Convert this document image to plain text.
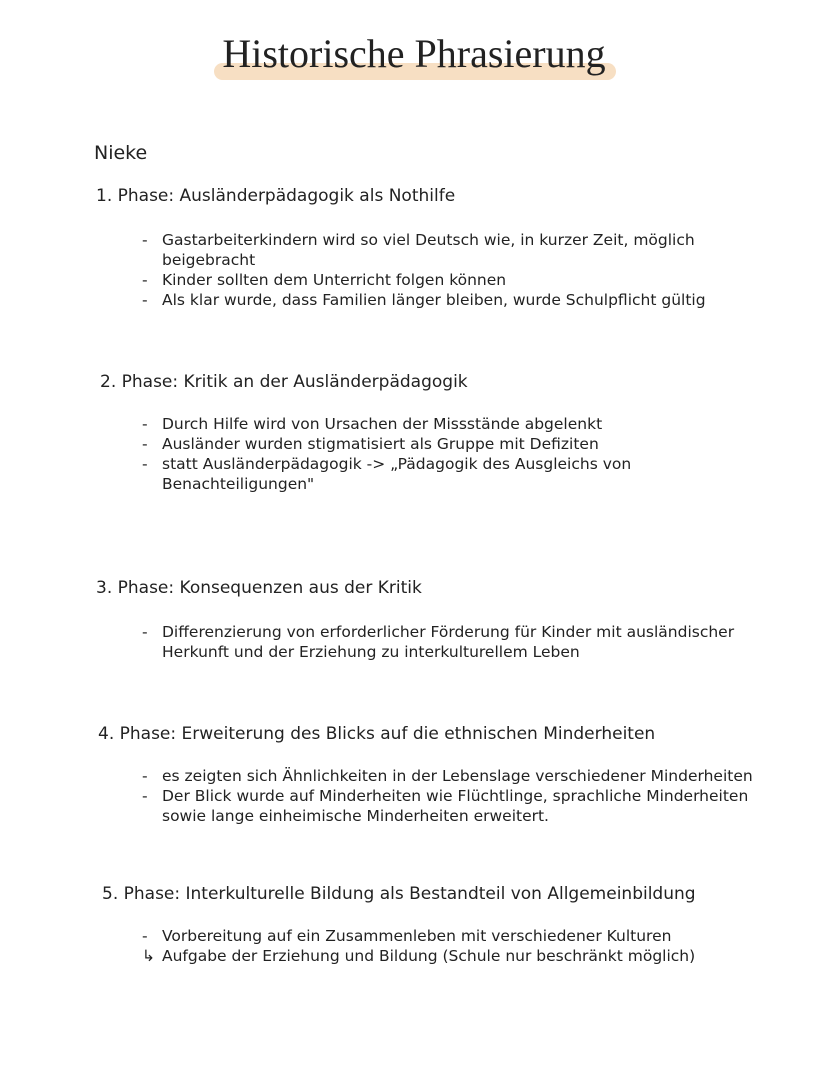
Historische Phrasierung
Nieke
1. Phase: Ausländerpädagogik als Nothilfe
- Gastarbeiterkindern wird so viel Deutsch wie, in kurzer Zeit, möglich beigebracht
- Kinder sollten dem Unterricht folgen können
- Als klar wurde, dass Familien länger bleiben, wurde Schulpflicht gültig
2. Phase: Kritik an der Ausländerpädagogik
- Durch Hilfe wird von Ursachen der Missstände abgelenkt
- Ausländer wurden stigmatisiert als Gruppe mit Defiziten
- statt Ausländerpädagogik -> „Pädagogik des Ausgleichs von Benachteiligungen"
3. Phase: Konsequenzen aus der Kritik
- Differenzierung von erforderlicher Förderung für Kinder mit ausländischer Herkunft und der Erziehung zu interkulturellem Leben
4. Phase: Erweiterung des Blicks auf die ethnischen Minderheiten
- es zeigten sich Ähnlichkeiten in der Lebenslage verschiedener Minderheiten
- Der Blick wurde auf Minderheiten wie Flüchtlinge, sprachliche Minderheiten sowie lange einheimische Minderheiten erweitert.
5. Phase: Interkulturelle Bildung als Bestandteil von Allgemeinbildung
- Vorbereitung auf ein Zusammenleben mit verschiedener Kulturen
↳ Aufgabe der Erziehung und Bildung (Schule nur beschränkt möglich)
